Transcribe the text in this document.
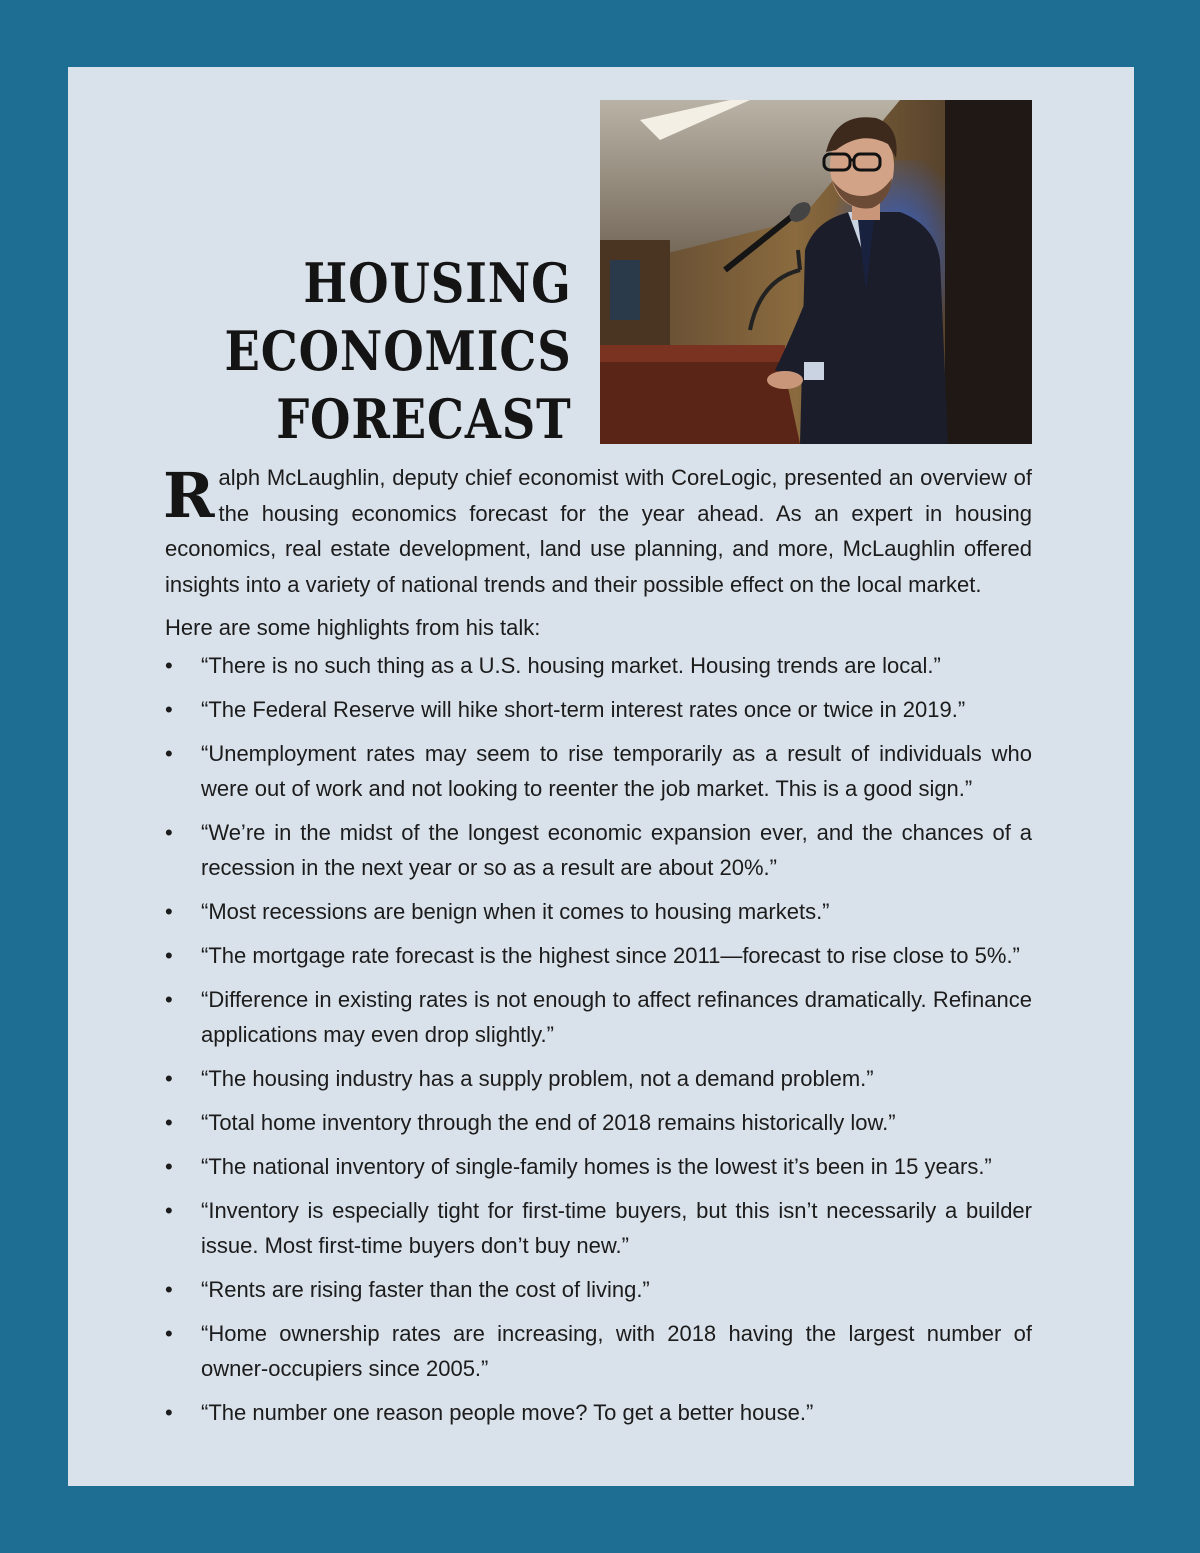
HOUSING
ECONOMICS
FORECAST

Ralph McLaughlin, deputy chief economist with CoreLogic, presented an overview of the housing economics forecast for the year ahead. As an expert in housing economics, real estate development, land use planning, and more, McLaughlin offered insights into a variety of national trends and their possible effect on the local market.

Here are some highlights from his talk:

• “There is no such thing as a U.S. housing market. Housing trends are local.”
• “The Federal Reserve will hike short-term interest rates once or twice in 2019.”
• “Unemployment rates may seem to rise temporarily as a result of individuals who were out of work and not looking to reenter the job market. This is a good sign.”
• “We’re in the midst of the longest economic expansion ever, and the chances of a recession in the next year or so as a result are about 20%.”
• “Most recessions are benign when it comes to housing markets.”
• “The mortgage rate forecast is the highest since 2011—forecast to rise close to 5%.”
• “Difference in existing rates is not enough to affect refinances dramatically. Refinance applications may even drop slightly.”
• “The housing industry has a supply problem, not a demand problem.”
• “Total home inventory through the end of 2018 remains historically low.”
• “The national inventory of single-family homes is the lowest it’s been in 15 years.”
• “Inventory is especially tight for first-time buyers, but this isn’t necessarily a builder issue. Most first-time buyers don’t buy new.”
• “Rents are rising faster than the cost of living.”
• “Home ownership rates are increasing, with 2018 having the largest number of owner-occupiers since 2005.”
• “The number one reason people move? To get a better house.”
